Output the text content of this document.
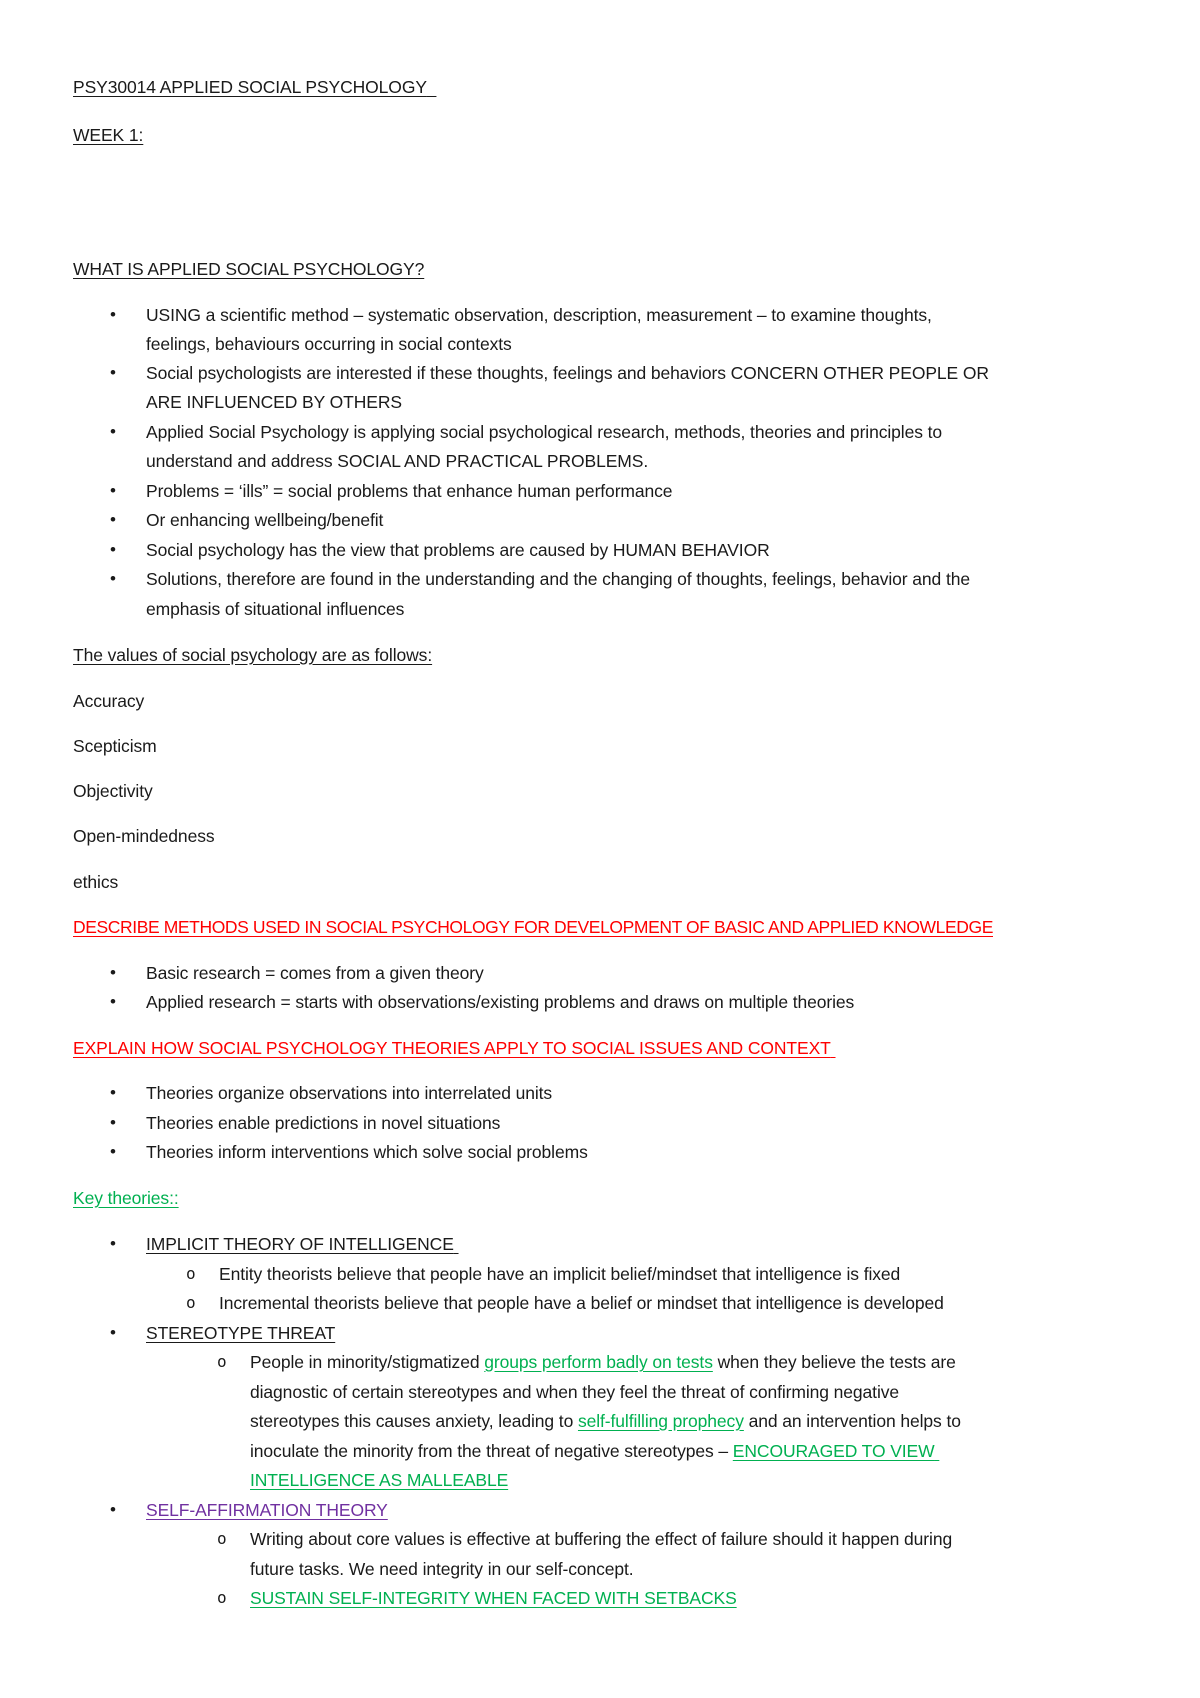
PSY30014 APPLIED SOCIAL PSYCHOLOGY
WEEK 1:
WHAT IS APPLIED SOCIAL PSYCHOLOGY?
• USING a scientific method – systematic observation, description, measurement – to examine thoughts,
feelings, behaviours occurring in social contexts
• Social psychologists are interested if these thoughts, feelings and behaviors CONCERN OTHER PEOPLE OR
ARE INFLUENCED BY OTHERS
• Applied Social Psychology is applying social psychological research, methods, theories and principles to
understand and address SOCIAL AND PRACTICAL PROBLEMS.
• Problems = ‘ills” = social problems that enhance human performance
• Or enhancing wellbeing/benefit
• Social psychology has the view that problems are caused by HUMAN BEHAVIOR
• Solutions, therefore are found in the understanding and the changing of thoughts, feelings, behavior and the
emphasis of situational influences
The values of social psychology are as follows:
Accuracy
Scepticism
Objectivity
Open-mindedness
ethics
DESCRIBE METHODS USED IN SOCIAL PSYCHOLOGY FOR DEVELOPMENT OF BASIC AND APPLIED KNOWLEDGE
• Basic research = comes from a given theory
• Applied research = starts with observations/existing problems and draws on multiple theories
EXPLAIN HOW SOCIAL PSYCHOLOGY THEORIES APPLY TO SOCIAL ISSUES AND CONTEXT
• Theories organize observations into interrelated units
• Theories enable predictions in novel situations
• Theories inform interventions which solve social problems
Key theories::
• IMPLICIT THEORY OF INTELLIGENCE
o Entity theorists believe that people have an implicit belief/mindset that intelligence is fixed
o Incremental theorists believe that people have a belief or mindset that intelligence is developed
• STEREOTYPE THREAT
o People in minority/stigmatized groups perform badly on tests when they believe the tests are
diagnostic of certain stereotypes and when they feel the threat of confirming negative
stereotypes this causes anxiety, leading to self-fulfilling prophecy and an intervention helps to
inoculate the minority from the threat of negative stereotypes – ENCOURAGED TO VIEW
INTELLIGENCE AS MALLEABLE
• SELF-AFFIRMATION THEORY
o Writing about core values is effective at buffering the effect of failure should it happen during
future tasks. We need integrity in our self-concept.
o SUSTAIN SELF-INTEGRITY WHEN FACED WITH SETBACKS
